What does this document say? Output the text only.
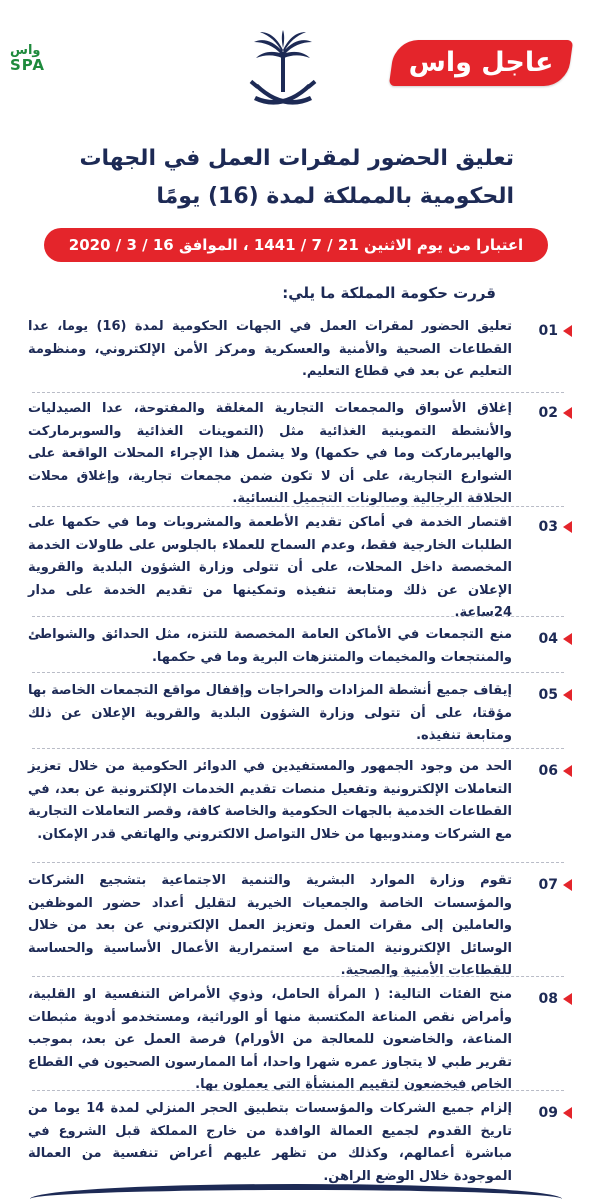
واس
SPA	عاجل واس
تعليق الحضور لمقرات العمل في الجهات الحكومية بالمملكة لمدة (16) يومًا
اعتبارا من يوم الاثنين 21 / 7 / 1441 ، الموافق 16 / 3 / 2020
قررت حكومة المملكة ما يلي:
01
تعليق الحضور لمقرات العمل في الجهات الحكومية لمدة (16) يوما، عدا القطاعات الصحية والأمنية والعسكرية ومركز الأمن الإلكتروني، ومنظومة التعليم عن بعد في قطاع التعليم.
02
إغلاق الأسواق والمجمعات التجارية المغلقة والمفتوحة، عدا الصيدليات والأنشطة التموينية الغذائية مثل (التموينات الغذائية والسوبرماركت والهايبرماركت وما في حكمها) ولا يشمل هذا الإجراء المحلات الواقعة على الشوارع التجارية، على أن لا تكون ضمن مجمعات تجارية، وإغلاق محلات الحلاقة الرجالية وصالونات التجميل النسائية.
03
اقتصار الخدمة في أماكن تقديم الأطعمة والمشروبات وما في حكمها على الطلبات الخارجية فقط، وعدم السماح للعملاء بالجلوس على طاولات الخدمة المخصصة داخل المحلات، على أن تتولى وزارة الشؤون البلدية والقروية الإعلان عن ذلك ومتابعة تنفيذه وتمكينها من تقديم الخدمة على مدار 24ساعة.
04
منع التجمعات في الأماكن العامة المخصصة للتنزه، مثل الحدائق والشواطئ والمنتجعات والمخيمات والمتنزهات البرية وما في حكمها.
05
إيقاف جميع أنشطة المزادات والحراجات وإقفال مواقع التجمعات الخاصة بها مؤقتا، على أن تتولى وزارة الشؤون البلدية والقروية الإعلان عن ذلك ومتابعة تنفيذه.
06
الحد من وجود الجمهور والمستفيدين في الدوائر الحكومية من خلال تعزيز التعاملات الإلكترونية وتفعيل منصات تقديم الخدمات الإلكترونية عن بعد، في القطاعات الخدمية بالجهات الحكومية والخاصة كافة، وقصر التعاملات التجارية مع الشركات ومندوبيها من خلال التواصل الالكتروني والهاتفي قدر الإمكان.
07
تقوم وزارة الموارد البشرية والتنمية الاجتماعية بتشجيع الشركات والمؤسسات الخاصة والجمعيات الخيرية لتقليل أعداد حضور الموظفين والعاملين إلى مقرات العمل وتعزيز العمل الإلكتروني عن بعد من خلال الوسائل الإلكترونية المتاحة مع استمرارية الأعمال الأساسية والحساسة للقطاعات الأمنية والصحية.
08
منح الفئات التالية: ( المرأة الحامل، وذوي الأمراض التنفسية او القلبية، وأمراض نقص المناعة المكتسبة منها أو الوراثية، ومستخدمو أدوية مثبطات المناعة، والخاضعون للمعالجة من الأورام) فرصة العمل عن بعد، بموجب تقرير طبي لا يتجاوز عمره شهرا واحدا، أما الممارسون الصحيون في القطاع الخاص فيخضعون لتقييم المنشأة التي يعملون بها.
09
إلزام جميع الشركات والمؤسسات بتطبيق الحجر المنزلي لمدة 14 يوما من تاريخ القدوم لجميع العمالة الوافدة من خارج المملكة قبل الشروع في مباشرة أعمالهم، وكذلك من تظهر عليهم أعراض تنفسية من العمالة الموجودة خلال الوضع الراهن.
